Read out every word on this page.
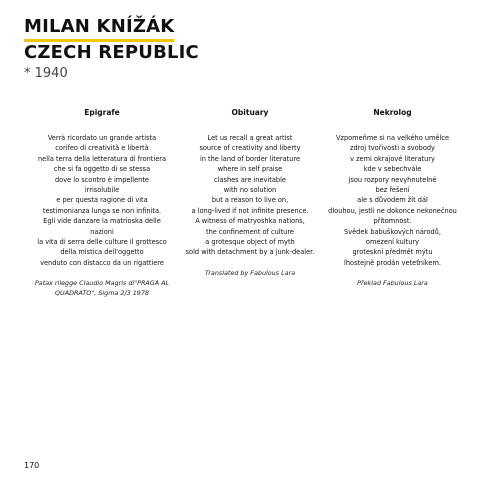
MILAN KNÍŽÁK
CZECH REPUBLIC
* 1940
Epigrafe
Verrà ricordato un grande artista
corifeo di creatività e libertà
nella terra della letteratura di frontiera
che si fa oggetto di se stessa
dove lo scontro è impellente
irrisolubile
e per questa ragione di vita
testimonianza lunga se non infinita.
Egli vide danzare la matrioska delle
nazioni
la vita di serra delle culture il grottesco
della mistica dell'oggetto
venduto con distacco da un rigattiere
Patax rilegge Claudio Magris di"PRAGA AL
QUADRATO", Sigma 2/3 1978
Obituary
Let us recall a great artist
source of creativity and liberty
in the land of border literature
where in self praise
clashes are inevitable
with no solution
but a reason to live on,
a long-lived if not infinite presence.
A witness of matryoshka nations,
the confinement of culture
a grotesque object of myth
sold with detachment by a junk-dealer.
Translated by Fabulous Lara
Nekrolog
Vzpomeňme si na velkého umělce
zdroj tvořivosti a svobody
v zemi okrajové literatury
kde v sebechvále
jsou rozpory nevyhnutelné
bez řešení
ale s důvodem žít dál
dlouhou, jestli ne dokonce nekonečnou
přítomnost.
Svědek babuškových národů,
omezení kultury
groteskní předmět mýtu
lhostejně prodán veteťníkem.
Překlad Fabulous Lara
170
